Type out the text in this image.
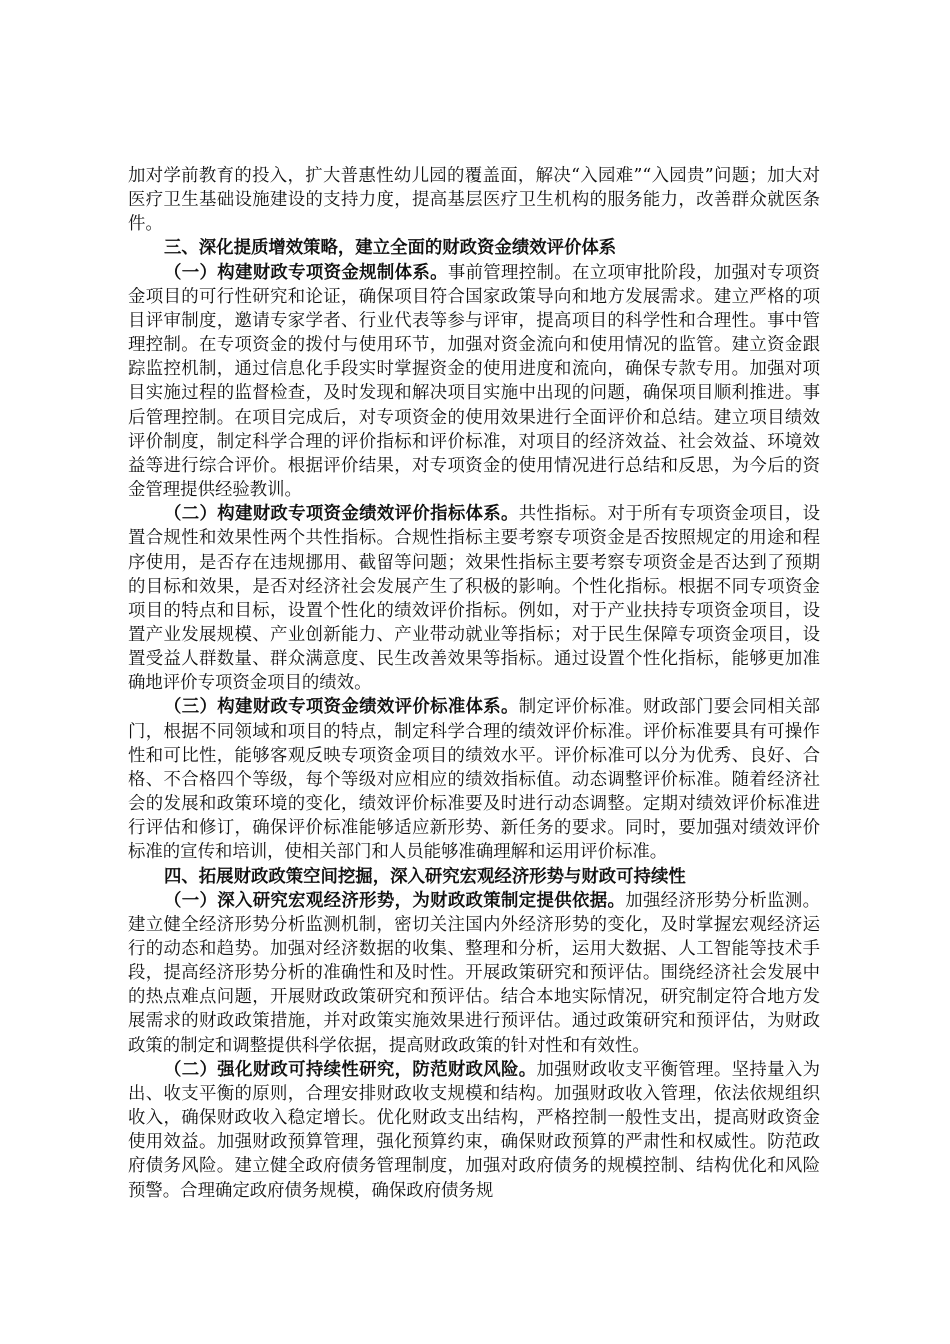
加对学前教育的投入，扩大普惠性幼儿园的覆盖面，解决“入园难”“入园贵”问题；加大对医疗卫生基础设施建设的支持力度，提高基层医疗卫生机构的服务能力，改善群众就医条件。

三、深化提质增效策略，建立全面的财政资金绩效评价体系

（一）构建财政专项资金规制体系。事前管理控制。在立项审批阶段，加强对专项资金项目的可行性研究和论证，确保项目符合国家政策导向和地方发展需求。建立严格的项目评审制度，邀请专家学者、行业代表等参与评审，提高项目的科学性和合理性。事中管理控制。在专项资金的拨付与使用环节，加强对资金流向和使用情况的监管。建立资金跟踪监控机制，通过信息化手段实时掌握资金的使用进度和流向，确保专款专用。加强对项目实施过程的监督检查，及时发现和解决项目实施中出现的问题，确保项目顺利推进。事后管理控制。在项目完成后，对专项资金的使用效果进行全面评价和总结。建立项目绩效评价制度，制定科学合理的评价指标和评价标准，对项目的经济效益、社会效益、环境效益等进行综合评价。根据评价结果，对专项资金的使用情况进行总结和反思，为今后的资金管理提供经验教训。

（二）构建财政专项资金绩效评价指标体系。共性指标。对于所有专项资金项目，设置合规性和效果性两个共性指标。合规性指标主要考察专项资金是否按照规定的用途和程序使用，是否存在违规挪用、截留等问题；效果性指标主要考察专项资金是否达到了预期的目标和效果，是否对经济社会发展产生了积极的影响。个性化指标。根据不同专项资金项目的特点和目标，设置个性化的绩效评价指标。例如，对于产业扶持专项资金项目，设置产业发展规模、产业创新能力、产业带动就业等指标；对于民生保障专项资金项目，设置受益人群数量、群众满意度、民生改善效果等指标。通过设置个性化指标，能够更加准确地评价专项资金项目的绩效。

（三）构建财政专项资金绩效评价标准体系。制定评价标准。财政部门要会同相关部门，根据不同领域和项目的特点，制定科学合理的绩效评价标准。评价标准要具有可操作性和可比性，能够客观反映专项资金项目的绩效水平。评价标准可以分为优秀、良好、合格、不合格四个等级，每个等级对应相应的绩效指标值。动态调整评价标准。随着经济社会的发展和政策环境的变化，绩效评价标准要及时进行动态调整。定期对绩效评价标准进行评估和修订，确保评价标准能够适应新形势、新任务的要求。同时，要加强对绩效评价标准的宣传和培训，使相关部门和人员能够准确理解和运用评价标准。

四、拓展财政政策空间挖掘，深入研究宏观经济形势与财政可持续性

（一）深入研究宏观经济形势，为财政政策制定提供依据。加强经济形势分析监测。建立健全经济形势分析监测机制，密切关注国内外经济形势的变化，及时掌握宏观经济运行的动态和趋势。加强对经济数据的收集、整理和分析，运用大数据、人工智能等技术手段，提高经济形势分析的准确性和及时性。开展政策研究和预评估。围绕经济社会发展中的热点难点问题，开展财政政策研究和预评估。结合本地实际情况，研究制定符合地方发展需求的财政政策措施，并对政策实施效果进行预评估。通过政策研究和预评估，为财政政策的制定和调整提供科学依据，提高财政政策的针对性和有效性。

（二）强化财政可持续性研究，防范财政风险。加强财政收支平衡管理。坚持量入为出、收支平衡的原则，合理安排财政收支规模和结构。加强财政收入管理，依法依规组织收入，确保财政收入稳定增长。优化财政支出结构，严格控制一般性支出，提高财政资金使用效益。加强财政预算管理，强化预算约束，确保财政预算的严肃性和权威性。防范政府债务风险。建立健全政府债务管理制度，加强对政府债务的规模控制、结构优化和风险预警。合理确定政府债务规模，确保政府债务规
